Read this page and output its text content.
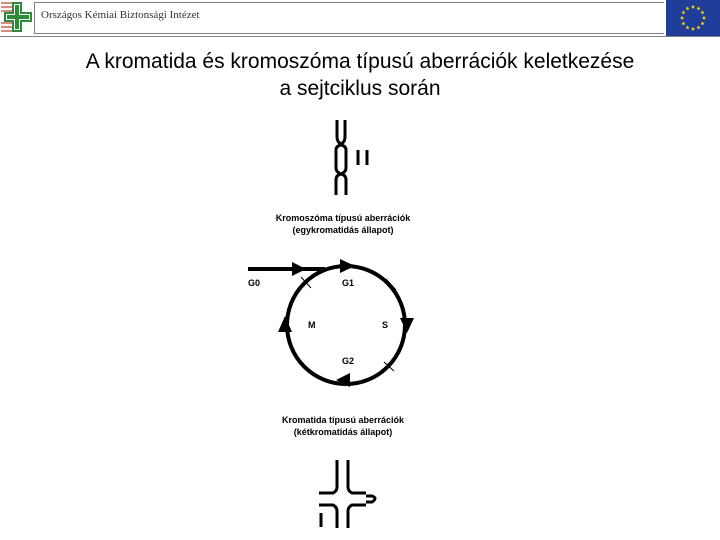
Országos Kémiai Biztonsági Intézet
A kromatida és kromoszóma típusú aberrációk keletkezése
a sejtciklus során
Kromoszóma típusú aberrációk
(egykromatidás állapot)
G0	G1
M	S
G2
Kromatida típusú aberrációk
(kétkromatidás állapot)
